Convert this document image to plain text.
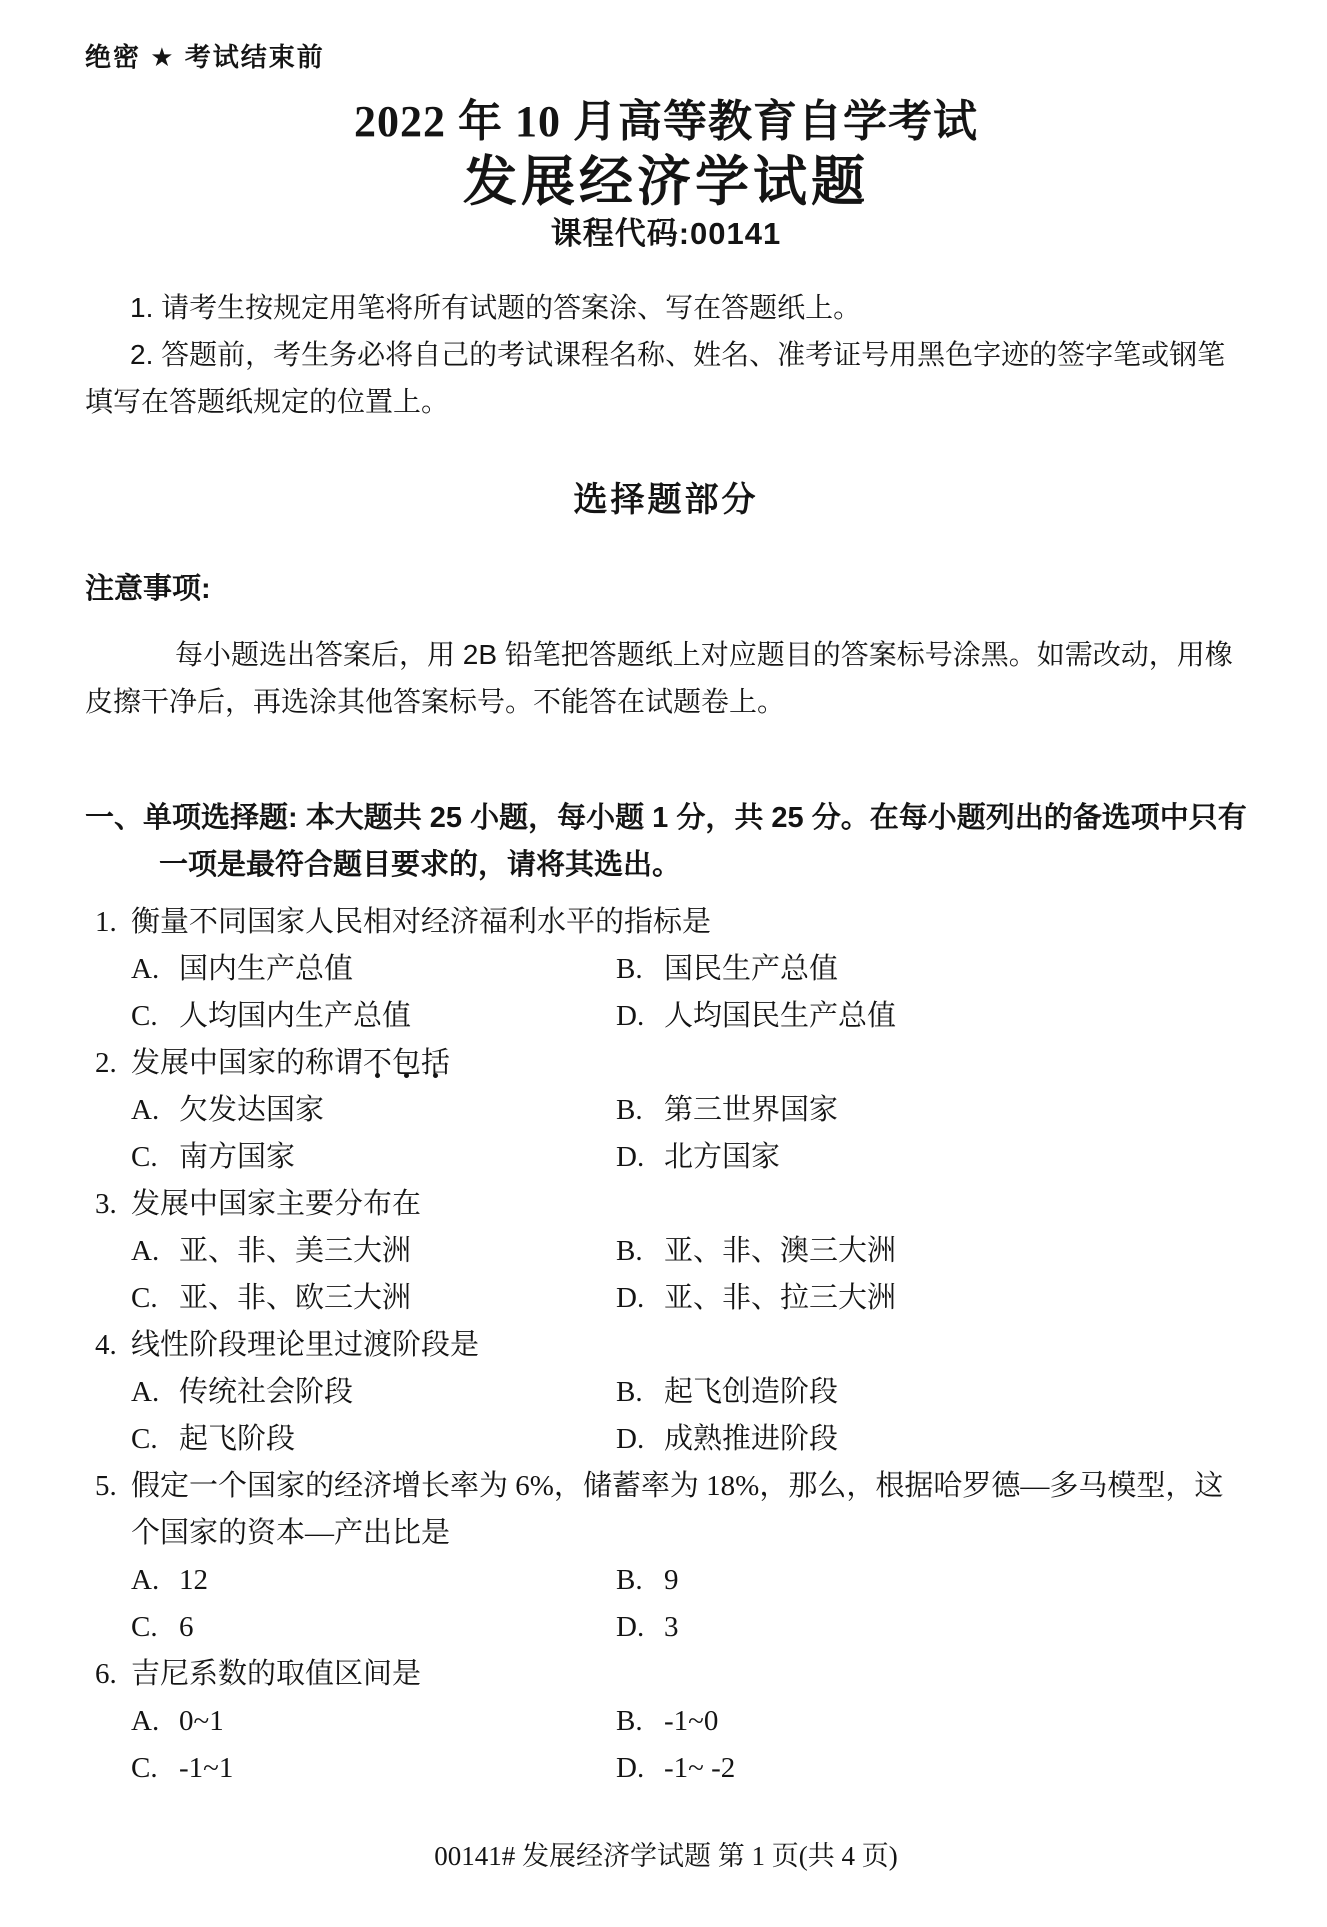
绝密 ★ 考试结束前
2022 年 10 月高等教育自学考试
发展经济学试题
课程代码:00141
1. 请考生按规定用笔将所有试题的答案涂、写在答题纸上。
2. 答题前，考生务必将自己的考试课程名称、姓名、准考证号用黑色字迹的签字笔或钢笔填写在答题纸规定的位置上。
选择题部分
注意事项:
每小题选出答案后，用 2B 铅笔把答题纸上对应题目的答案标号涂黑。如需改动，用橡皮擦干净后，再选涂其他答案标号。不能答在试题卷上。
一、单项选择题: 本大题共 25 小题，每小题 1 分，共 25 分。在每小题列出的备选项中只有一项是最符合题目要求的，请将其选出。
1. 衡量不同国家人民相对经济福利水平的指标是
A. 国内生产总值	B. 国民生产总值
C. 人均国内生产总值	D. 人均国民生产总值
2. 发展中国家的称谓不包括
A. 欠发达国家	B. 第三世界国家
C. 南方国家	D. 北方国家
3. 发展中国家主要分布在
A. 亚、非、美三大洲	B. 亚、非、澳三大洲
C. 亚、非、欧三大洲	D. 亚、非、拉三大洲
4. 线性阶段理论里过渡阶段是
A. 传统社会阶段	B. 起飞创造阶段
C. 起飞阶段	D. 成熟推进阶段
5. 假定一个国家的经济增长率为 6%，储蓄率为 18%，那么，根据哈罗德—多马模型，这个国家的资本—产出比是
A. 12	B. 9
C. 6	D. 3
6. 吉尼系数的取值区间是
A. 0~1	B. -1~0
C. -1~1	D. -1~ -2
00141# 发展经济学试题 第 1 页(共 4 页)
